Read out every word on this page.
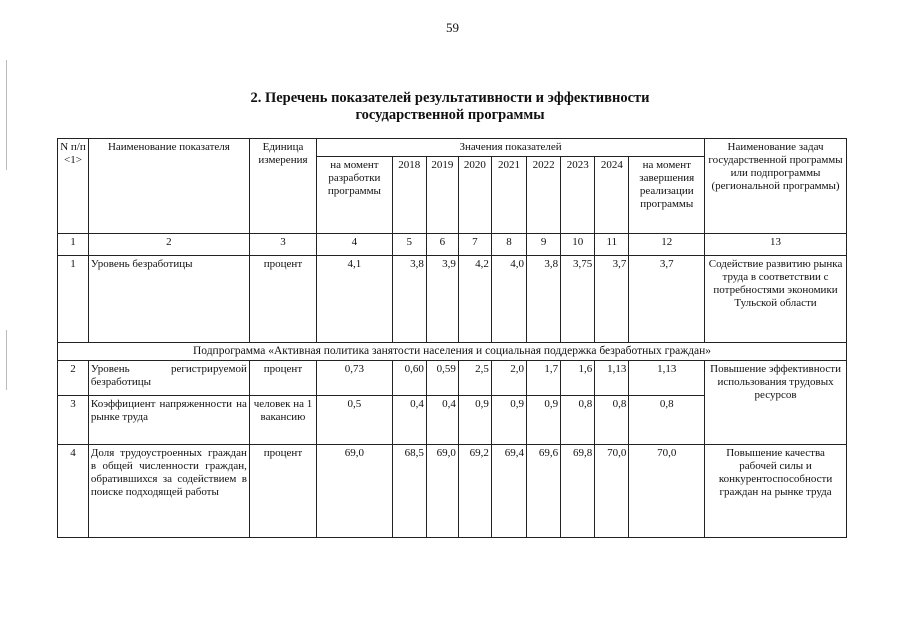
59
2. Перечень показателей результативности и эффективности
государственной программы
N п/п <1>	Наименование показателя	Единица измерения	Значения показателей									Наименование задач государственной программы или подпрограммы (региональной программы)
			на момент разработки программы	2018	2019	2020	2021	2022	2023	2024	на момент завершения реализации программы	
1	2	3	4	5	6	7	8	9	10	11	12	13
1	Уровень безработицы	процент	4,1	3,8	3,9	4,2	4,0	3,8	3,75	3,7	3,7	Содействие развитию рынка труда в соответствии с потребностями экономики Тульской области
Подпрограмма «Активная политика занятости населения и социальная поддержка безработных граждан»												
2	Уровень регистрируемой безработицы	процент	0,73	0,60	0,59	2,5	2,0	1,7	1,6	1,13	1,13	Повышение эффективности использования трудовых ресурсов
3	Коэффициент напряженности на рынке труда	человек на 1 вакансию	0,5	0,4	0,4	0,9	0,9	0,9	0,8	0,8	0,8	
4	Доля трудоустроенных граждан в общей численности граждан, обратившихся за содействием в поиске подходящей работы	процент	69,0	68,5	69,0	69,2	69,4	69,6	69,8	70,0	70,0	Повышение качества рабочей силы и конкурентоспособности граждан на рынке труда
